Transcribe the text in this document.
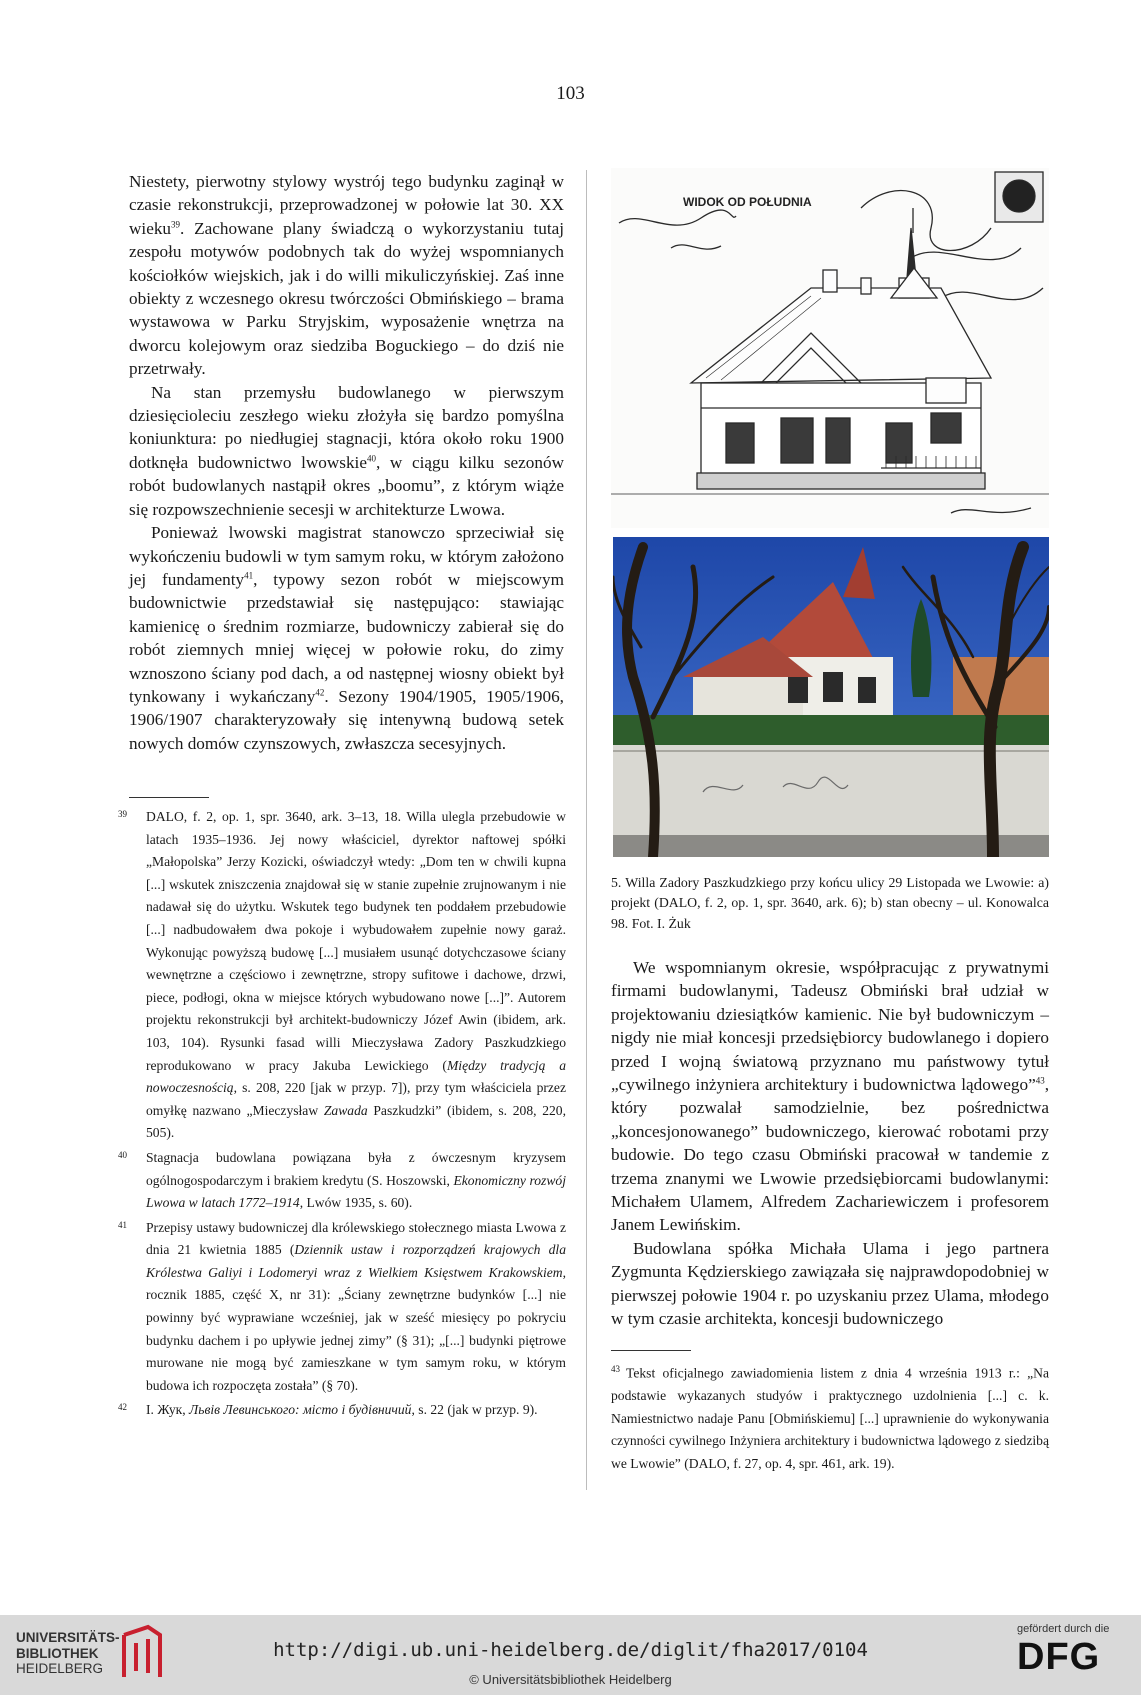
103

Niestety, pierwotny stylowy wystrój tego budynku zaginął w czasie rekonstrukcji, przeprowadzonej w połowie lat 30. XX wieku$^{39}$. Zachowane plany świadczą o wykorzystaniu tutaj zespołu motywów podobnych tak do wyżej wspomnianych kościołków wiejskich, jak i do willi mikuliczyńskiej. Zaś inne obiekty z wczesnego okresu twórczości Obmińskiego – brama wystawowa w Parku Stryjskim, wyposażenie wnętrza na dworcu kolejowym oraz siedziba Boguckiego – do dziś nie przetrwały.

Na stan przemysłu budowlanego w pierwszym dziesięcioleciu zeszłego wieku złożyła się bardzo pomyślna koniunktura: po niedługiej stagnacji, która około roku 1900 dotknęła budownictwo lwowskie$^{40}$, w ciągu kilku sezonów robót budowlanych nastąpił okres „boomu”, z którym wiąże się rozpowszechnienie secesji w architekturze Lwowa.

Ponieważ lwowski magistrat stanowczo sprzeciwiał się wykończeniu budowli w tym samym roku, w którym założono jej fundamenty$^{41}$, typowy sezon robót w miejscowym budownictwie przedstawiał się następująco: stawiając kamienicę o średnim rozmiarze, budowniczy zabierał się do robót ziemnych mniej więcej w połowie roku, do zimy wznoszono ściany pod dach, a od następnej wiosny obiekt był tynkowany i wykańczany$^{42}$. Sezony 1904/1905, 1905/1906, 1906/1907 charakteryzowały się intenywną budową setek nowych domów czynszowych, zwłaszcza secesyjnych.

39 DALO, f. 2, op. 1, spr. 3640, ark. 3–13, 18. Willa ulegla przebudowie w latach 1935–1936. Jej nowy właściciel, dyrektor naftowej spółki „Małopolska” Jerzy Kozicki, oświadczył wtedy: „Dom ten w chwili kupna [...] wskutek zniszczenia znajdował się w stanie zupełnie zrujnowanym i nie nadawał się do użytku. Wskutek tego budynek ten poddałem przebudowie [...] nadbudowałem dwa pokoje i wybudowałem zupełnie nowy garaż. Wykonując powyższą budowę [...] musiałem usunąć dotychczasowe ściany wewnętrzne a częściowo i zewnętrzne, stropy sufitowe i dachowe, drzwi, piece, podłogi, okna w miejsce których wybudowano nowe [...]”. Autorem projektu rekonstrukcji był architekt-budowniczy Józef Awin (ibidem, ark. 103, 104). Rysunki fasad willi Mieczysława Zadory Paszkudzkiego reprodukowano w pracy Jakuba Lewickiego (Między tradycją a nowoczesnością, s. 208, 220 [jak w przyp. 7]), przy tym właściciela przez omyłkę nazwano „Mieczysław Zawada Paszkudzki” (ibidem, s. 208, 220, 505).
40 Stagnacja budowlana powiązana była z ówczesnym kryzysem ogólnogospodarczym i brakiem kredytu (S. Hoszowski, Ekonomiczny rozwój Lwowa w latach 1772–1914, Lwów 1935, s. 60).
41 Przepisy ustawy budowniczej dla królewskiego stołecznego miasta Lwowa z dnia 21 kwietnia 1885 (Dziennik ustaw i rozporządzeń krajowych dla Królestwa Galiyi i Lodomeryi wraz z Wielkiem Księstwem Krakowskiem, rocznik 1885, część X, nr 31): „Ściany zewnętrzne budynków [...] nie powinny być wyprawiane wcześniej, jak w sześć miesięcy po pokryciu budynku dachem i po upływie jednej zimy” (§ 31); „[...] budynki piętrowe murowane nie mogą być zamieszkane w tym samym roku, w którym budowa ich rozpoczęta została” (§ 70).
42 І. Жук, Львів Левинського: місто і будівничий, s. 22 (jak w przyp. 9).
WIDOK OD POŁUDNIA
5. Willa Zadory Paszkudzkiego przy końcu ulicy 29 Listopada we Lwowie: a) projekt (DALO, f. 2, op. 1, spr. 3640, ark. 6); b) stan obecny – ul. Konowalca 98. Fot. I. Żuk

We wspomnianym okresie, współpracując z prywatnymi firmami budowlanymi, Tadeusz Obmiński brał udział w projektowaniu dziesiątków kamienic. Nie był budowniczym – nigdy nie miał koncesji przedsiębiorcy budowlanego i dopiero przed I wojną światową przyznano mu państwowy tytuł „cywilnego inżyniera architektury i budownictwa lądowego”$^{43}$, który pozwalał samodzielnie, bez pośrednictwa „koncesjonowanego” budowniczego, kierować robotami przy budowie. Do tego czasu Obmiński pracował w tandemie z trzema znanymi we Lwowie przedsiębiorcami budowlanymi: Michałem Ulamem, Alfredem Zachariewiczem i profesorem Janem Lewińskim.

Budowlana spółka Michała Ulama i jego partnera Zygmunta Kędzierskiego zawiązała się najprawdopodobniej w pierwszej połowie 1904 r. po uzyskaniu przez Ulama, młodego w tym czasie architekta, koncesji budowniczego

$^{43}$ Tekst oficjalnego zawiadomienia listem z dnia 4 września 1913 r.: „Na podstawie wykazanych studyów i praktycznego uzdolnienia [...] c. k. Namiestnictwo nadaje Panu [Obmińskiemu] [...] uprawnienie do wykonywania czynności cywilnego Inżyniera architektury i budownictwa lądowego z siedzibą we Lwowie” (DALO, f. 27, op. 4, spr. 461, ark. 19).
UNIVERSITÄTS-
BIBLIOTHEK
HEIDELBERG
http://digi.ub.uni-heidelberg.de/diglit/fha2017/0104
© Universitätsbibliothek Heidelberg
gefördert durch die
DFG
